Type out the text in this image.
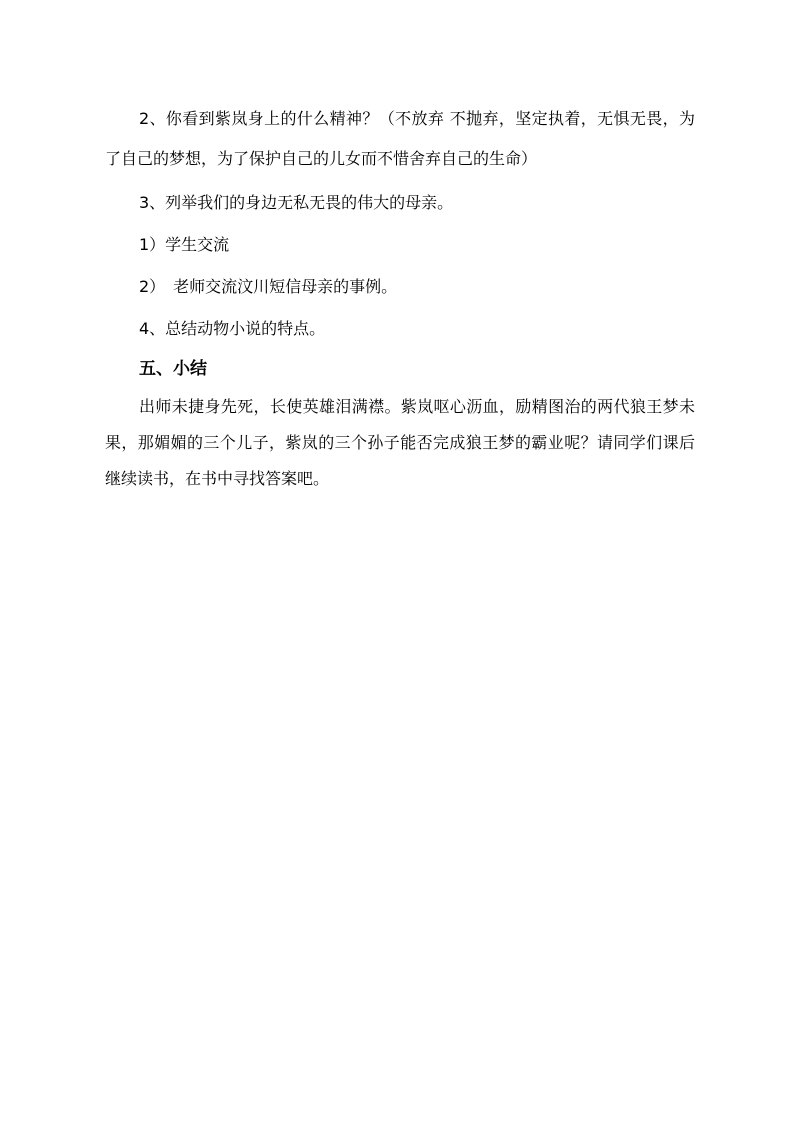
2、你看到紫岚身上的什么精神？（不放弃 不抛弃，坚定执着，无惧无畏，为了自己的梦想，为了保护自己的儿女而不惜舍弃自己的生命）

3、列举我们的身边无私无畏的伟大的母亲。

1）学生交流

2）　老师交流汶川短信母亲的事例。

4、总结动物小说的特点。

五、小结

出师未捷身先死，长使英雄泪满襟。紫岚呕心沥血，励精图治的两代狼王梦未果，那媚媚的三个儿子，紫岚的三个孙子能否完成狼王梦的霸业呢？请同学们课后继续读书，在书中寻找答案吧。
